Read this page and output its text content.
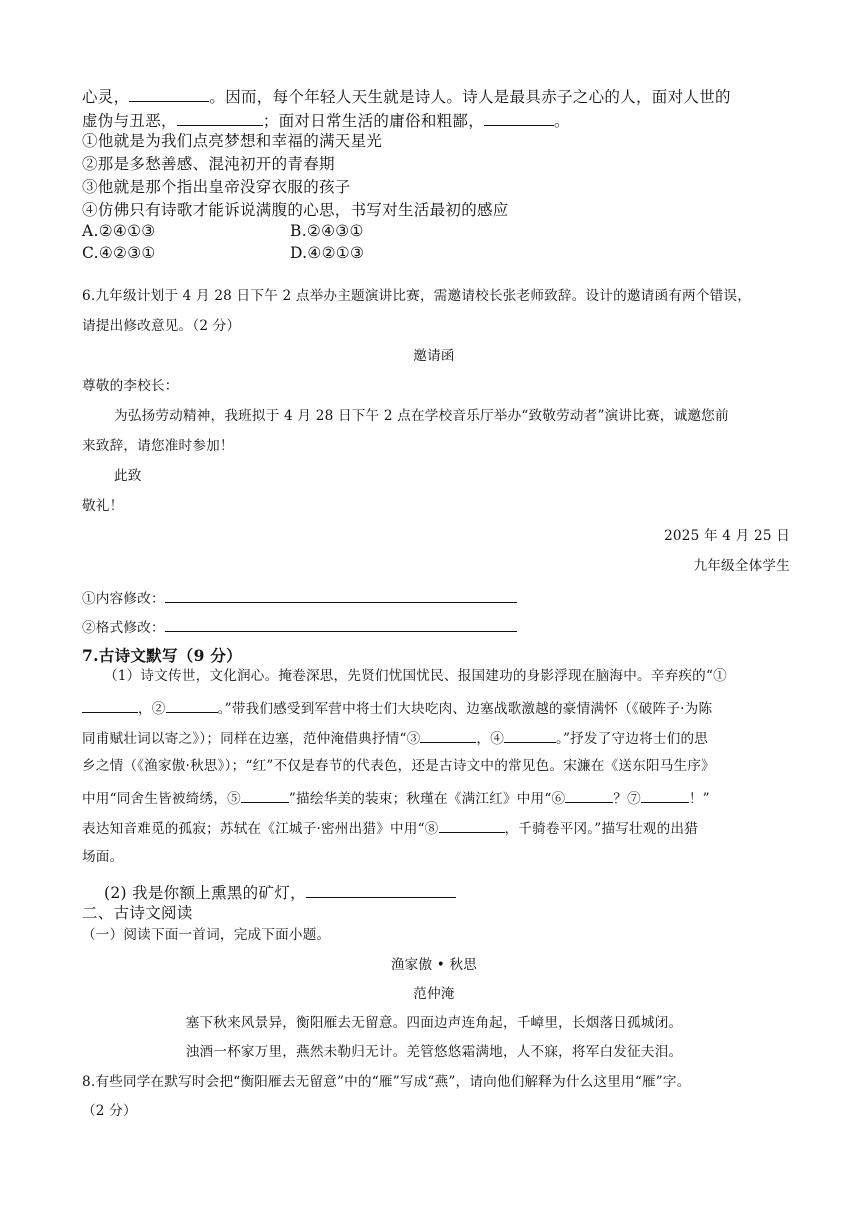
心灵，	。因而，每个年轻人天生就是诗人。诗人是最具赤子之心的人，面对人世的
虚伪与丑恶，	；面对日常生活的庸俗和粗鄙，	。
①他就是为我们点亮梦想和幸福的满天星光
②那是多愁善感、混沌初开的青春期
③他就是那个指出皇帝没穿衣服的孩子
④仿佛只有诗歌才能诉说满腹的心思，书写对生活最初的感应
A.②④①③	B.②④③①
C.④②③①	D.④②①③
6.九年级计划于 4 月 28 日下午 2 点举办主题演讲比赛，需邀请校长张老师致辞。设计的邀请函有两个错误，
请提出修改意见。（2 分）
邀请函
尊敬的李校长：
为弘扬劳动精神，我班拟于 4 月 28 日下午 2 点在学校音乐厅举办“致敬劳动者”演讲比赛，诚邀您前
来致辞，请您准时参加！
此致
敬礼！
2025 年 4 月 25 日
九年级全体学生
①内容修改：
②格式修改：
7.古诗文默写（9 分）
（1）诗文传世，文化润心。掩卷深思，先贤们忧国忧民、报国建功的身影浮现在脑海中。辛弃疾的“①
，②	。”带我们感受到军营中将士们大块吃肉、边塞战歌激越的豪情满怀（《破阵子·为陈
同甫赋壮词以寄之》）；同样在边塞，范仲淹借典抒情“③	，④	。”抒发了守边将士们的思
乡之情（《渔家傲·秋思》）；“红”不仅是春节的代表色，还是古诗文中的常见色。宋濂在《送东阳马生序》
中用“同舍生皆被绮绣，⑤	”描绘华美的装束；秋瑾在《满江红》中用“⑥	？⑦	！”
表达知音难觅的孤寂；苏轼在《江城子·密州出猎》中用“⑧	，千骑卷平冈。”描写壮观的出猎
场面。
(2) 我是你额上熏黑的矿灯，
二、古诗文阅读
（一）阅读下面一首词，完成下面小题。
渔家傲 • 秋思
范仲淹
塞下秋来风景异，衡阳雁去无留意。四面边声连角起，千嶂里，长烟落日孤城闭。
浊酒一杯家万里，燕然未勒归无计。羌管悠悠霜满地，人不寐，将军白发征夫泪。
8.有些同学在默写时会把“衡阳雁去无留意”中的“雁”写成“燕”，请向他们解释为什么这里用“雁”字。
（2 分）
